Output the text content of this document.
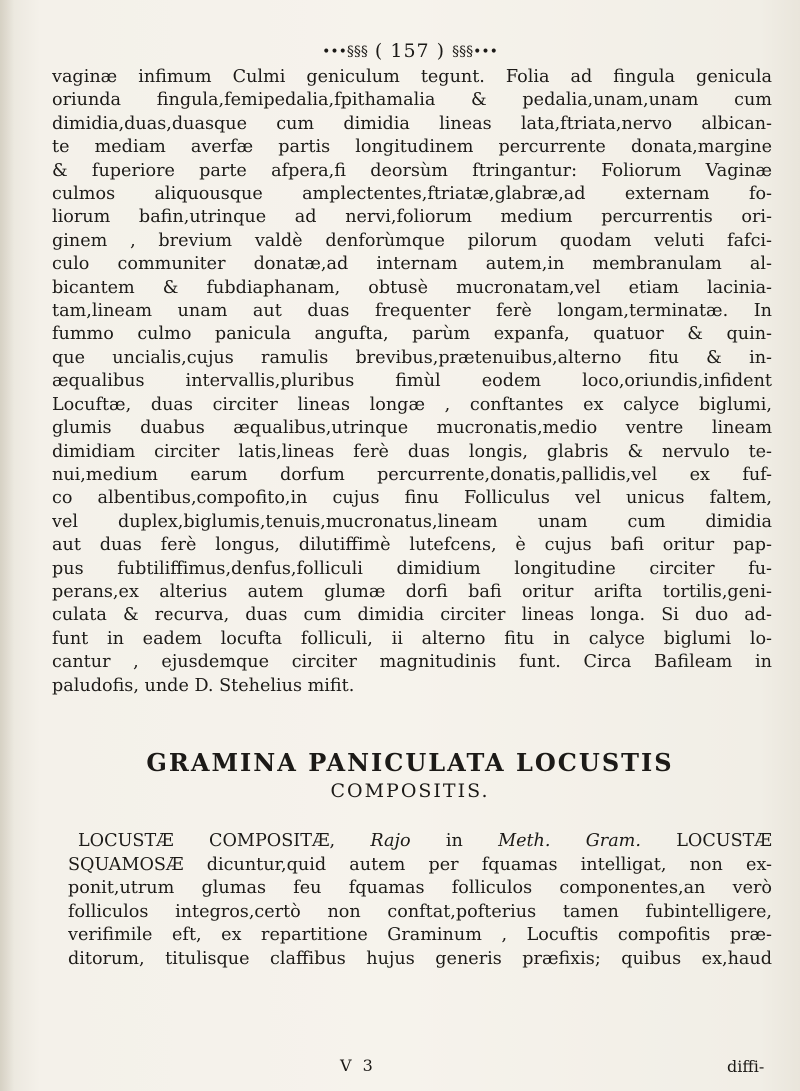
•••§§§ ( 157 ) §§§•••
vaginæ infimum Culmi geniculum tegunt. Folia ad fingula genicula
oriunda fingula,femipedalia,fpithamalia & pedalia,unam,unam cum
dimidia,duas,duasque cum dimidia lineas lata,ftriata,nervo albican-
te mediam averfæ partis longitudinem percurrente donata,margine
& fuperiore parte afpera,fi deorsùm ftringantur: Foliorum Vaginæ
culmos aliquousque amplectentes,ftriatæ,glabræ,ad externam fo-
liorum bafin,utrinque ad nervi,foliorum medium percurrentis ori-
ginem , brevium valdè denforùmque pilorum quodam veluti fafci-
culo communiter donatæ,ad internam autem,in membranulam al-
bicantem & fubdiaphanam, obtusè mucronatam,vel etiam lacinia-
tam,lineam unam aut duas frequenter ferè longam,terminatæ. In
fummo culmo panicula angufta, parùm expanfa, quatuor & quin-
que uncialis,cujus ramulis brevibus,prætenuibus,alterno fitu & in-
æqualibus intervallis,pluribus fimùl eodem loco,oriundis,infident
Locuftæ, duas circiter lineas longæ , conftantes ex calyce biglumi,
glumis duabus æqualibus,utrinque mucronatis,medio ventre lineam
dimidiam circiter latis,lineas ferè duas longis, glabris & nervulo te-
nui,medium earum dorfum percurrente,donatis,pallidis,vel ex fuf-
co albentibus,compofito,in cujus finu Folliculus vel unicus faltem,
vel duplex,biglumis,tenuis,mucronatus,lineam unam cum dimidia
aut duas ferè longus, dilutiffimè lutefcens, è cujus bafi oritur pap-
pus fubtiliffimus,denfus,folliculi dimidium longitudine circiter fu-
perans,ex alterius autem glumæ dorfi bafi oritur arifta tortilis,geni-
culata & recurva, duas cum dimidia circiter lineas longa. Si duo ad-
funt in eadem locufta folliculi, ii alterno fitu in calyce biglumi lo-
cantur , ejusdemque circiter magnitudinis funt. Circa Bafileam in
paludofis, unde D. Stehelius mifit.
GRAMINA PANICULATA LOCUSTIS
COMPOSITIS.
LOCUSTÆ COMPOSITÆ, Rajo in Meth. Gram. LOCUSTÆ
SQUAMOSÆ dicuntur,quid autem per fquamas intelligat, non ex-
ponit,utrum glumas feu fquamas folliculos componentes,an verò
folliculos integros,certò non conftat,pofterius tamen fubintelligere,
verifimile eft, ex repartitione Graminum , Locuftis compofitis præ-
ditorum, titulisque claffibus hujus generis præfixis; quibus ex,haud
V 3	diffi-
